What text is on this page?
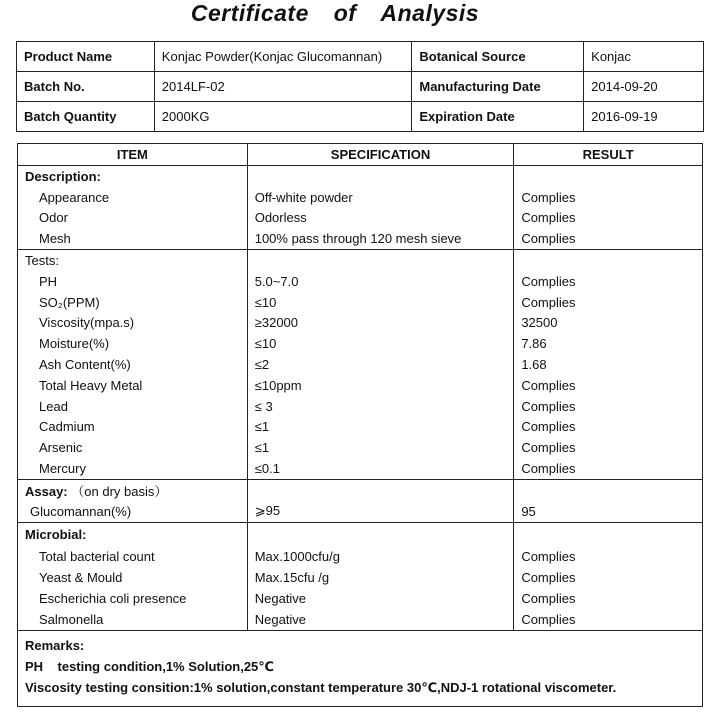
Certificate of Analysis
Product Name	Konjac Powder(Konjac Glucomannan)	Botanical Source	Konjac
Batch No.	2014LF-02	Manufacturing Date	2014-09-20
Batch Quantity	2000KG	Expiration Date	2016-09-19
ITEM	SPECIFICATION	RESULT
Description:		
Appearance	Off-white powder	Complies
Odor	Odorless	Complies
Mesh	100% pass through 120 mesh sieve	Complies
Tests:		
PH	5.0~7.0	Complies
SO₂(PPM)	≤10	Complies
Viscosity(mpa.s)	≥32000	32500
Moisture(%)	≤10	7.86
Ash Content(%)	≤2	1.68
Total Heavy Metal	≤10ppm	Complies
Lead	≤ 3	Complies
Cadmium	≤1	Complies
Arsenic	≤1	Complies
Mercury	≤0.1	Complies
Assay: （on dry basis）		
Glucomannan(%)	⩾95	95
Microbial:		
Total bacterial count	Max.1000cfu/g	Complies
Yeast & Mould	Max.15cfu /g	Complies
Escherichia coli presence	Negative	Complies
Salmonella	Negative	Complies

Remarks:
PH    testing condition,1% Solution,25℃
Viscosity testing consition:1% solution,constant temperature 30℃,NDJ-1 rotational viscometer.		
